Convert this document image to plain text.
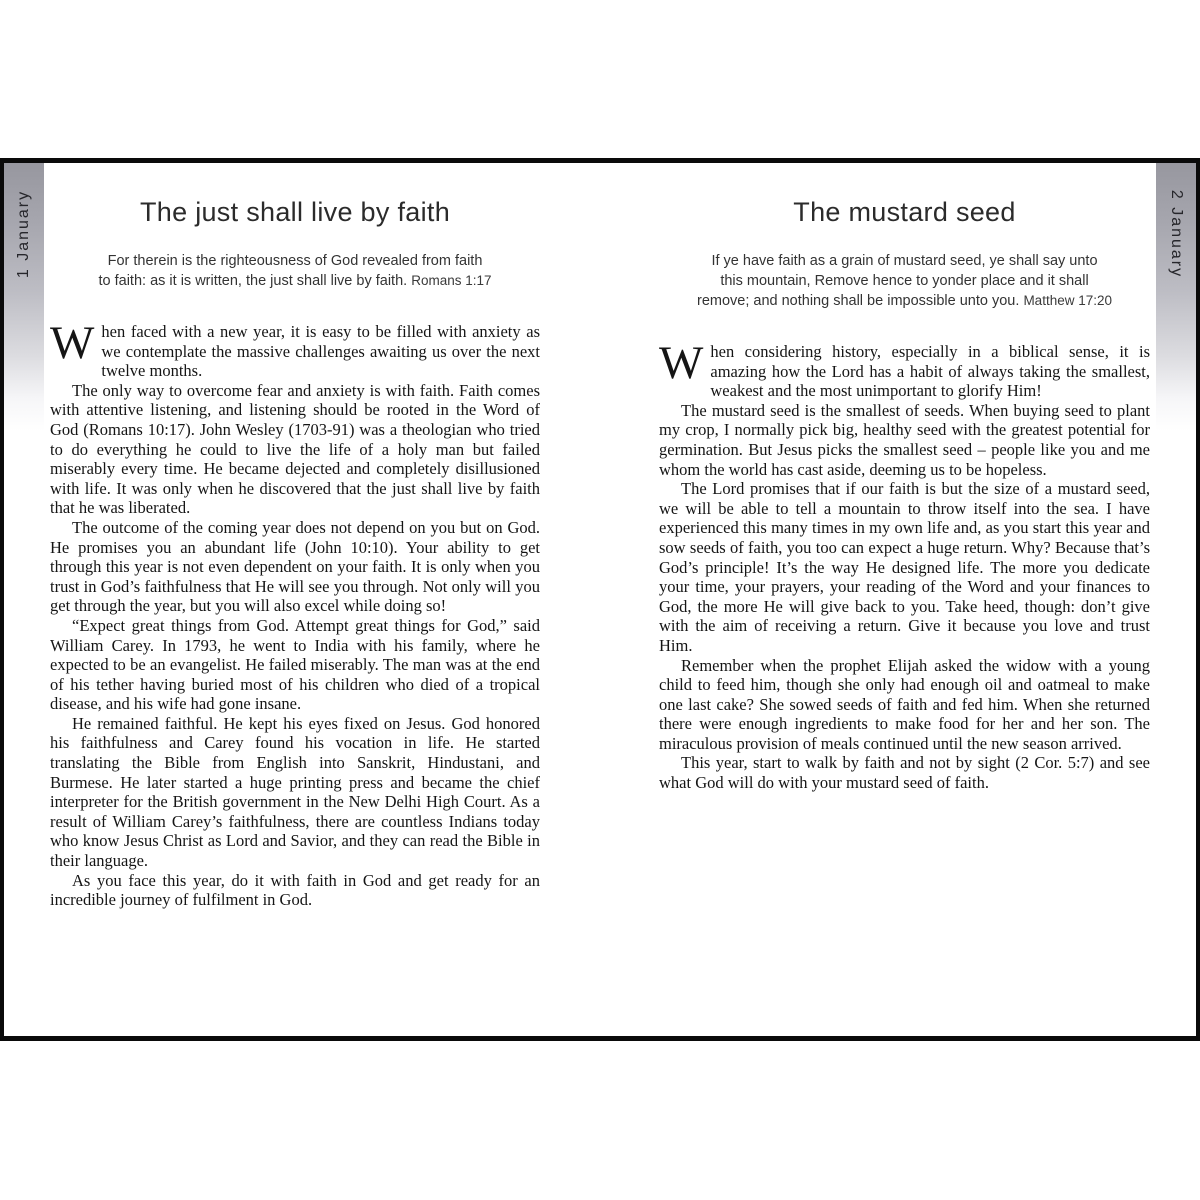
1 January	2 January
The just shall live by faith
For therein is the righteousness of God revealed from faith
to faith: as it is written, the just shall live by faith. Romans 1:17

When faced with a new year, it is easy to be filled with anxiety as we contemplate the massive challenges awaiting us over the next twelve months.

The only way to overcome fear and anxiety is with faith. Faith comes with attentive listening, and listening should be rooted in the Word of God (Romans 10:17). John Wesley (1703-91) was a theologian who tried to do everything he could to live the life of a holy man but failed miserably every time. He became dejected and completely disillusioned with life. It was only when he discovered that the just shall live by faith that he was liberated.

The outcome of the coming year does not depend on you but on God. He promises you an abundant life (John 10:10). Your ability to get through this year is not even dependent on your faith. It is only when you trust in God’s faithfulness that He will see you through. Not only will you get through the year, but you will also excel while doing so!

“Expect great things from God. Attempt great things for God,” said William Carey. In 1793, he went to India with his family, where he expected to be an evangelist. He failed miserably. The man was at the end of his tether having buried most of his children who died of a tropical disease, and his wife had gone insane.

He remained faithful. He kept his eyes fixed on Jesus. God honored his faithfulness and Carey found his vocation in life. He started translating the Bible from English into Sanskrit, Hindustani, and Burmese. He later started a huge printing press and became the chief interpreter for the British government in the New Delhi High Court. As a result of William Carey’s faithfulness, there are countless Indians today who know Jesus Christ as Lord and Savior, and they can read the Bible in their language.

As you face this year, do it with faith in God and get ready for an incredible journey of fulfilment in God.

The mustard seed
If ye have faith as a grain of mustard seed, ye shall say unto
this mountain, Remove hence to yonder place and it shall
remove; and nothing shall be impossible unto you. Matthew 17:20

When considering history, especially in a biblical sense, it is amazing how the Lord has a habit of always taking the smallest, weakest and the most unimportant to glorify Him!

The mustard seed is the smallest of seeds. When buying seed to plant my crop, I normally pick big, healthy seed with the greatest potential for germination. But Jesus picks the smallest seed – people like you and me whom the world has cast aside, deeming us to be hopeless.

The Lord promises that if our faith is but the size of a mustard seed, we will be able to tell a mountain to throw itself into the sea. I have experienced this many times in my own life and, as you start this year and sow seeds of faith, you too can expect a huge return. Why? Because that’s God’s principle! It’s the way He designed life. The more you dedicate your time, your prayers, your reading of the Word and your finances to God, the more He will give back to you. Take heed, though: don’t give with the aim of receiving a return. Give it because you love and trust Him.

Remember when the prophet Elijah asked the widow with a young child to feed him, though she only had enough oil and oatmeal to make one last cake? She sowed seeds of faith and fed him. When she returned there were enough ingredients to make food for her and her son. The miraculous provision of meals continued until the new season arrived.

This year, start to walk by faith and not by sight (2 Cor. 5:7) and see what God will do with your mustard seed of faith.
